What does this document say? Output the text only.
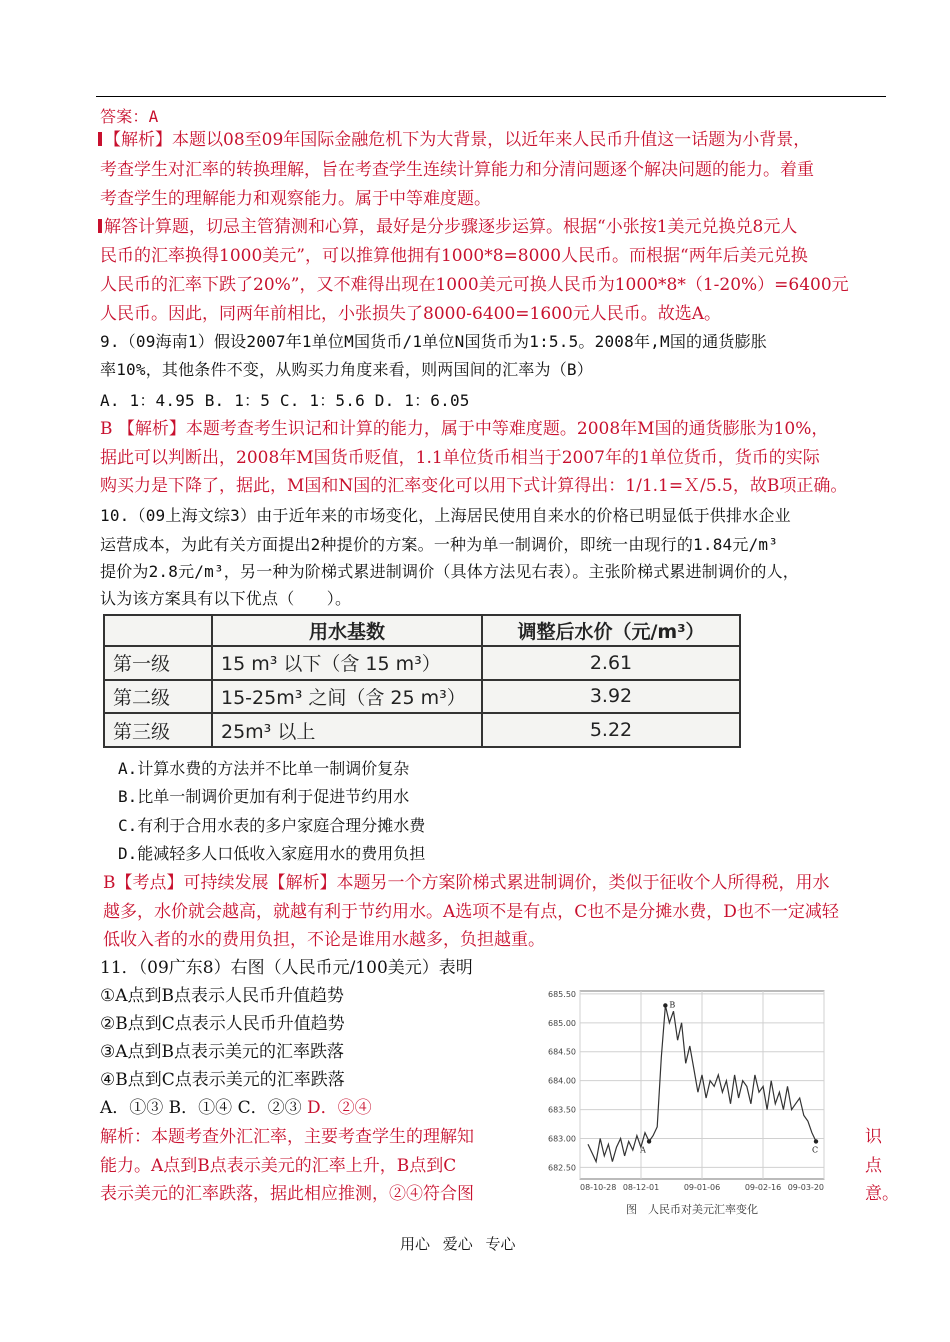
答案：A
【解析】本题以08至09年国际金融危机下为大背景，以近年来人民币升值这一话题为小背景，
考查学生对汇率的转换理解，旨在考查学生连续计算能力和分清问题逐个解决问题的能力。着重
考查学生的理解能力和观察能力。属于中等难度题。
解答计算题，切忌主管猜测和心算，最好是分步骤逐步运算。根据“小张按1美元兑换兑8元人
民币的汇率换得1000美元”，可以推算他拥有1000*8=8000人民币。而根据“两年后美元兑换
人民币的汇率下跌了20%”，又不难得出现在1000美元可换人民币为1000*8*（1-20%）=6400元
人民币。因此，同两年前相比，小张损失了8000-6400=1600元人民币。故选A。
9.（09海南1）假设2007年1单位M国货币/1单位N国货币为1:5.5。2008年,M国的通货膨胀
率10%，其他条件不变，从购买力角度来看，则两国间的汇率为（B）
A. 1：4.95 B. 1：5 C. 1：5.6 D. 1：6.05
B 【解析】本题考查考生识记和计算的能力，属于中等难度题。2008年M国的通货膨胀为10%，
据此可以判断出，2008年M国货币贬值，1.1单位货币相当于2007年的1单位货币，货币的实际
购买力是下降了，据此，M国和N国的汇率变化可以用下式计算得出：1/1.1=Ｘ/5.5，故B项正确。
10.（09上海文综3）由于近年来的市场变化，上海居民使用自来水的价格已明显低于供排水企业
运营成本，为此有关方面提出2种提价的方案。一种为单一制调价，即统一由现行的1.84元/m³
提价为2.8元/m³，另一种为阶梯式累进制调价（具体方法见右表）。主张阶梯式累进制调价的人，
认为该方案具有以下优点（　　）。
	用水基数	调整后水价（元/m³）
第一级	15 m³ 以下（含 15 m³）	2.61
第二级	15-25m³ 之间（含 25 m³）	3.92
第三级	25m³ 以上	5.22
A.计算水费的方法并不比单一制调价复杂
B.比单一制调价更加有利于促进节约用水
C.有利于合用水表的多户家庭合理分摊水费
D.能减轻多人口低收入家庭用水的费用负担
B【考点】可持续发展【解析】本题另一个方案阶梯式累进制调价，类似于征收个人所得税，用水
越多，水价就会越高，就越有利于节约用水。A选项不是有点，C也不是分摊水费，D也不一定减轻
低收入者的水的费用负担，不论是谁用水越多，负担越重。
11．（09广东8）右图（人民币元/100美元）表明
①A点到B点表示人民币升值趋势
②B点到C点表示人民币升值趋势
③A点到B点表示美元的汇率跌落
④B点到C点表示美元的汇率跌落
A．①③ B．①④ C．②③ D．②④
解析：本题考查外汇汇率，主要考查学生的理解知
能力。A点到B点表示美元的汇率上升，B点到C
表示美元的汇率跌落，据此相应推测，②④符合图
识
点
意。
685.50
685.00
684.50
684.00
683.50
683.00
682.50
08-10-28 08-12-01	09-01-06	09-02-16 09-03-20
A
B
C
图　人民币对美元汇率变化
用心 爱心 专心
